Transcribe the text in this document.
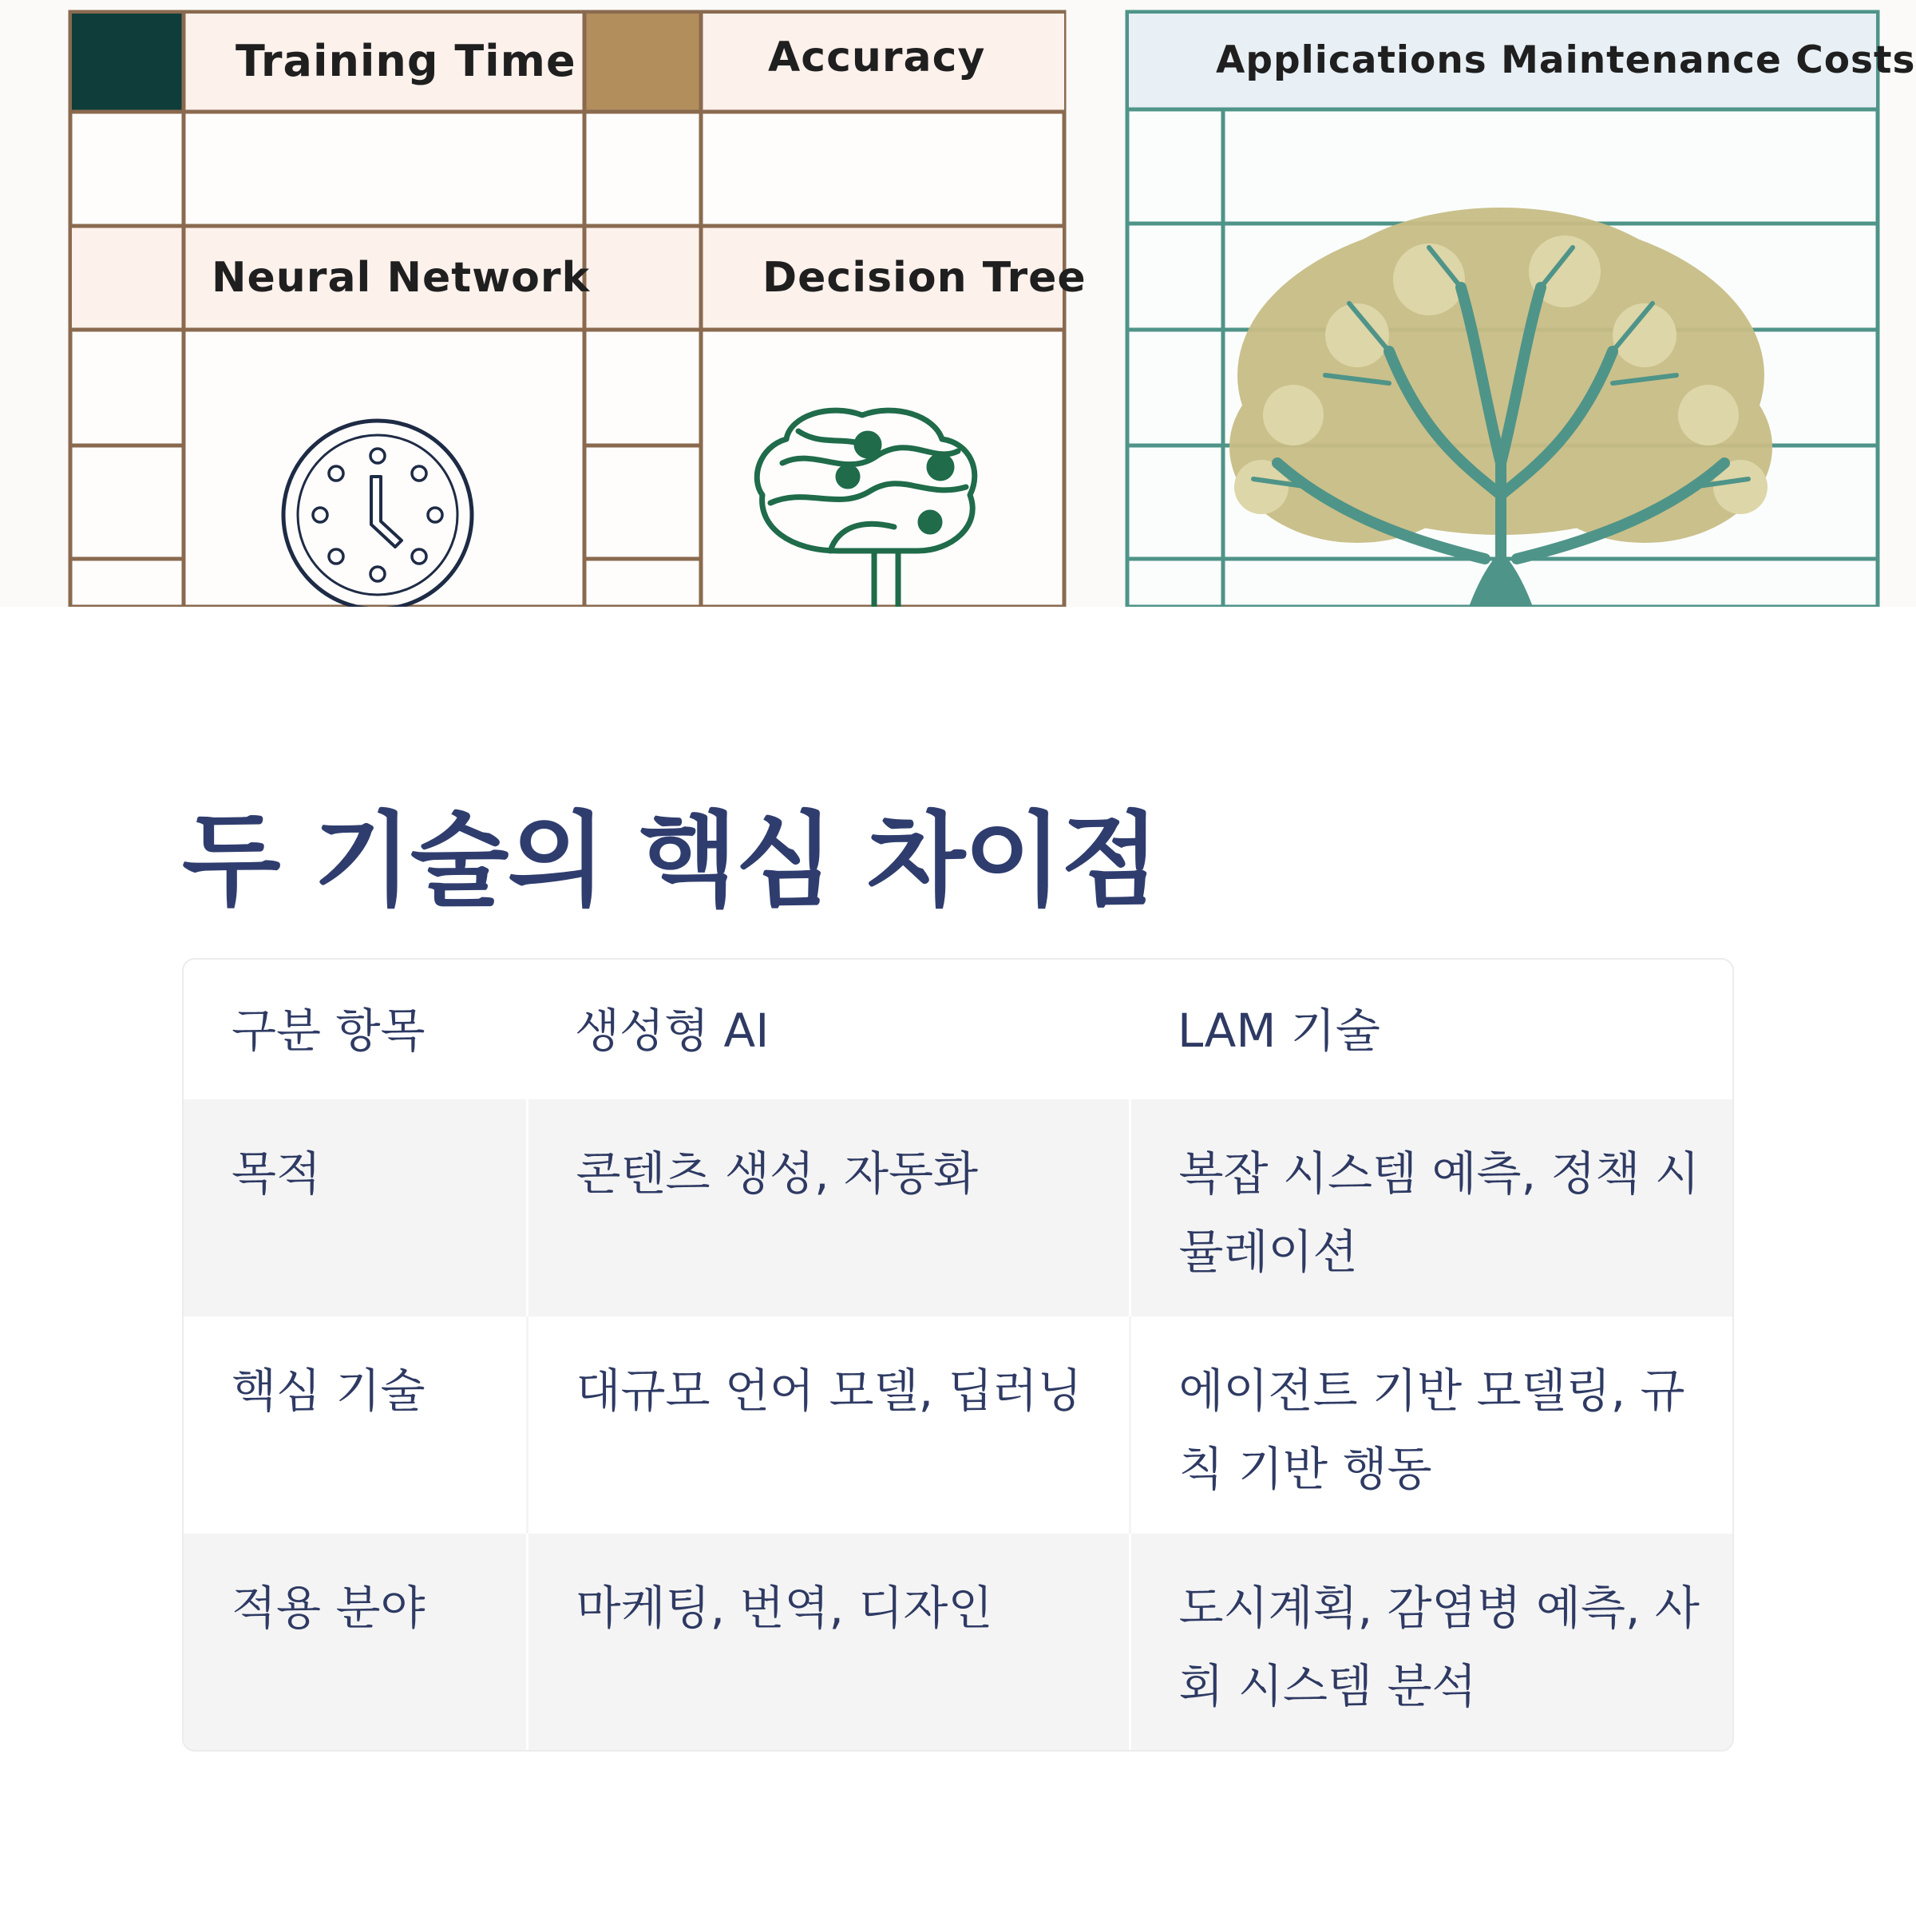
Training Time	Accuracy
Neural Network	Decision Tree
Applications Maintenance Costs
두 기술의 핵심 차이점
구분 항목	생성형 AI	LAM 기술
목적	콘텐츠 생성, 자동화	복잡 시스템 예측, 정책 시뮬레이션
핵심 기술	대규모 언어 모델, 딥러닝	에이전트 기반 모델링, 규칙 기반 행동
적용 분야	마케팅, 번역, 디자인	도시계획, 감염병 예측, 사회 시스템 분석
